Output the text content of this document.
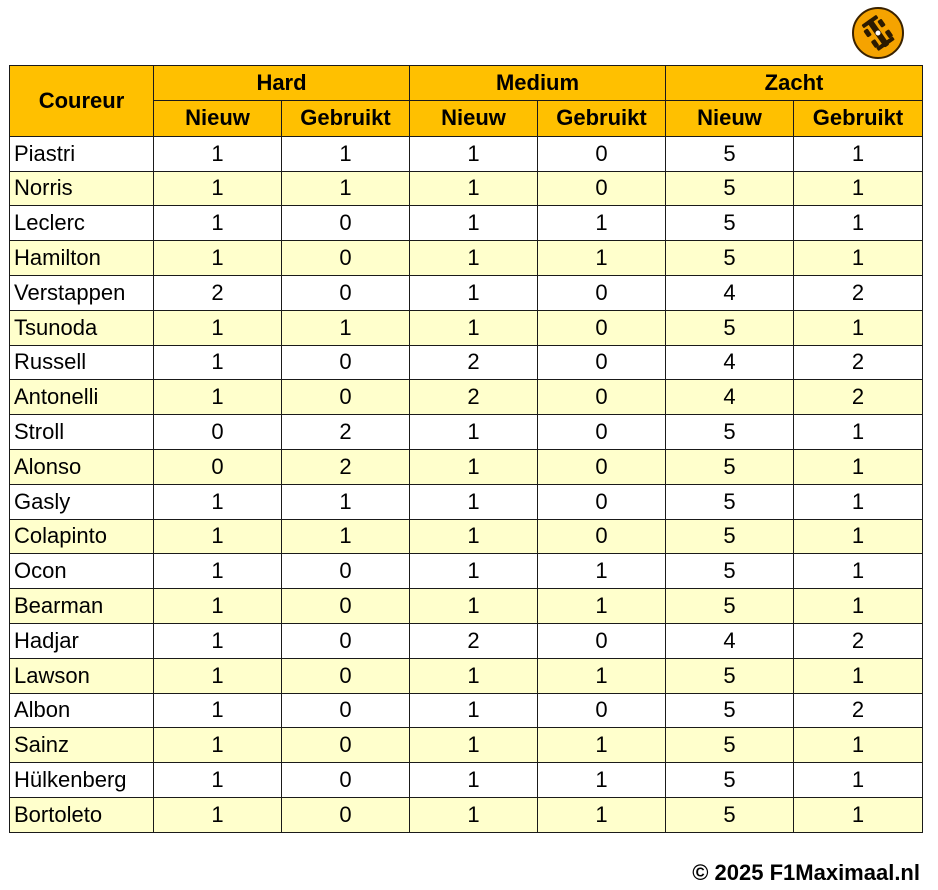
Coureur	Hard		Medium		Zacht	
	Nieuw	Gebruikt	Nieuw	Gebruikt	Nieuw	Gebruikt
Piastri	1	1	1	0	5	1
Norris	1	1	1	0	5	1
Leclerc	1	0	1	1	5	1
Hamilton	1	0	1	1	5	1
Verstappen	2	0	1	0	4	2
Tsunoda	1	1	1	0	5	1
Russell	1	0	2	0	4	2
Antonelli	1	0	2	0	4	2
Stroll	0	2	1	0	5	1
Alonso	0	2	1	0	5	1
Gasly	1	1	1	0	5	1
Colapinto	1	1	1	0	5	1
Ocon	1	0	1	1	5	1
Bearman	1	0	1	1	5	1
Hadjar	1	0	2	0	4	2
Lawson	1	0	1	1	5	1
Albon	1	0	1	0	5	2
Sainz	1	0	1	1	5	1
Hülkenberg	1	0	1	1	5	1
Bortoleto	1	0	1	1	5	1
© 2025 F1Maximaal.nl
